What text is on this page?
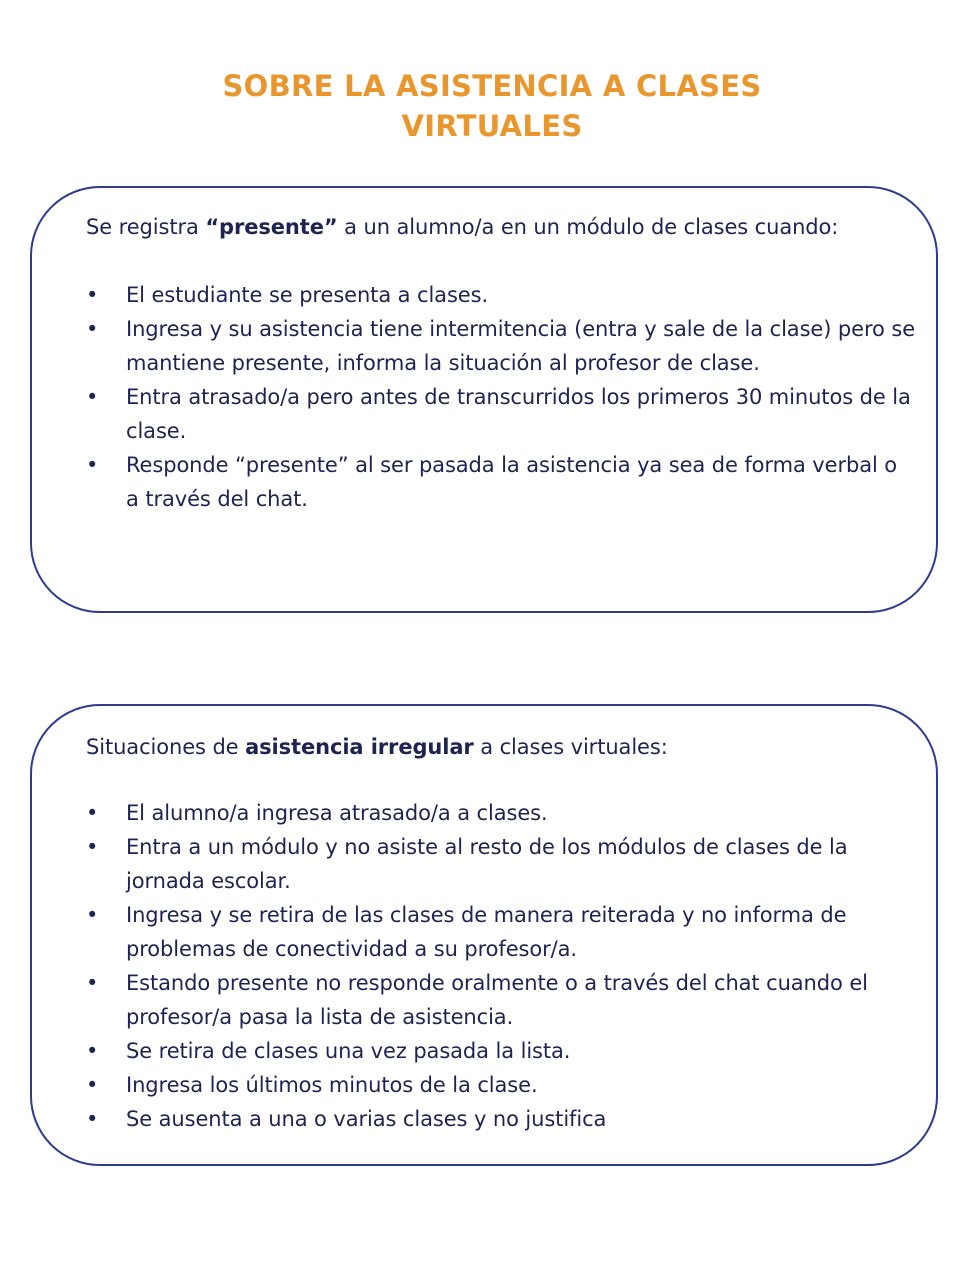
SOBRE LA ASISTENCIA A CLASES
VIRTUALES

Se registra “presente” a un alumno/a en un módulo de clases cuando:

• El estudiante se presenta a clases.
• Ingresa y su asistencia tiene intermitencia (entra y sale de la clase) pero se mantiene presente, informa la situación al profesor de clase.
• Entra atrasado/a pero antes de transcurridos los primeros 30 minutos de la clase.
• Responde “presente” al ser pasada la asistencia ya sea de forma verbal o a través del chat.

Situaciones de asistencia irregular a clases virtuales:

• El alumno/a ingresa atrasado/a a clases.
• Entra a un módulo y no asiste al resto de los módulos de clases de la jornada escolar.
• Ingresa y se retira de las clases de manera reiterada y no informa de problemas de conectividad a su profesor/a.
• Estando presente no responde oralmente o a través del chat cuando el profesor/a pasa la lista de asistencia.
• Se retira de clases una vez pasada la lista.
• Ingresa los últimos minutos de la clase.
• Se ausenta a una o varias clases y no justifica
